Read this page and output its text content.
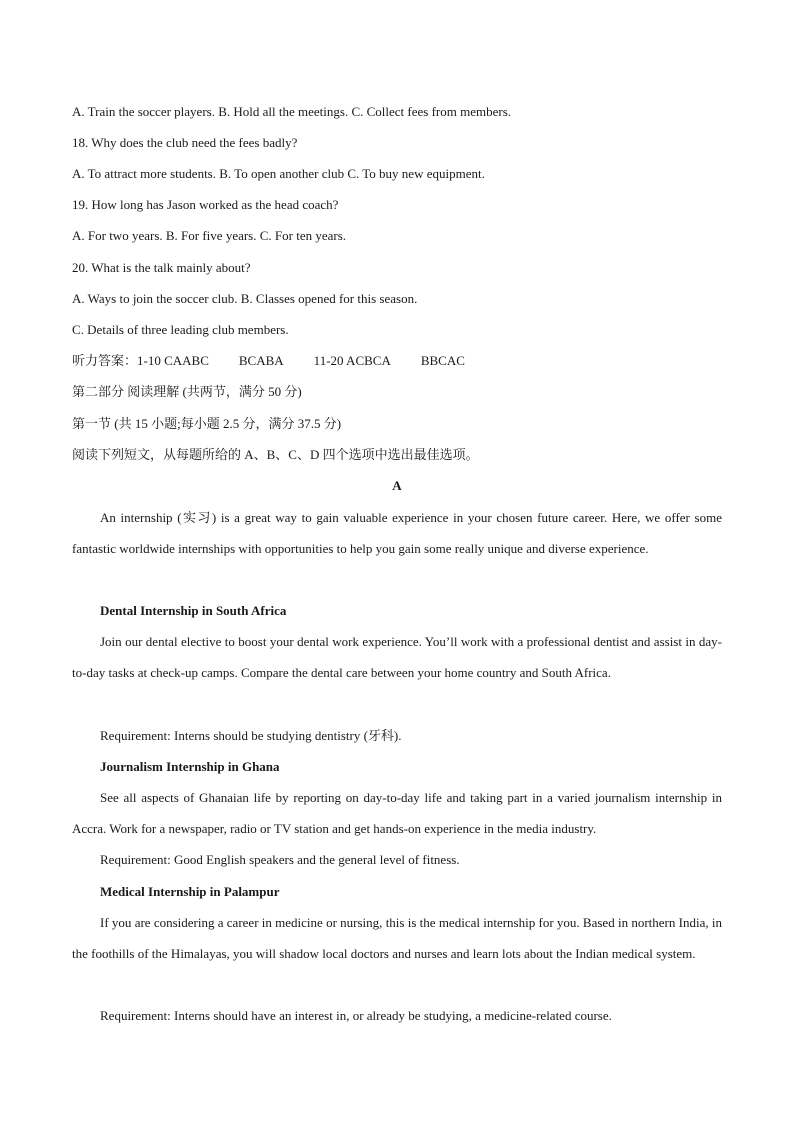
A. Train the soccer players. B. Hold all the meetings. C. Collect fees from members.
18. Why does the club need the fees badly?
A. To attract more students. B. To open another club C. To buy new equipment.
19. How long has Jason worked as the head coach?
A. For two years. B. For five years. C. For ten years.
20. What is the talk mainly about?
A. Ways to join the soccer club. B. Classes opened for this season.
C. Details of three leading club members.
听力答案：1-10 CAABC BCABA 11-20 ACBCA BBCAC
第二部分 阅读理解 (共两节，满分 50 分)
第一节 (共 15 小题;每小题 2.5 分，满分 37.5 分)
阅读下列短文，从每题所给的 A、B、C、D 四个选项中选出最佳选项。
A
An internship (实习) is a great way to gain valuable experience in your chosen future career. Here, we offer some fantastic worldwide internships with opportunities to help you gain some really unique and diverse experience.
Dental Internship in South Africa
Join our dental elective to boost your dental work experience. You’ll work with a professional dentist and assist in day-to-day tasks at check-up camps. Compare the dental care between your home country and South Africa.
Requirement: Interns should be studying dentistry (牙科).
Journalism Internship in Ghana
See all aspects of Ghanaian life by reporting on day-to-day life and taking part in a varied journalism internship in Accra. Work for a newspaper, radio or TV station and get hands-on experience in the media industry.
Requirement: Good English speakers and the general level of fitness.
Medical Internship in Palampur
If you are considering a career in medicine or nursing, this is the medical internship for you. Based in northern India, in the foothills of the Himalayas, you will shadow local doctors and nurses and learn lots about the Indian medical system.
Requirement: Interns should have an interest in, or already be studying, a medicine-related course.
